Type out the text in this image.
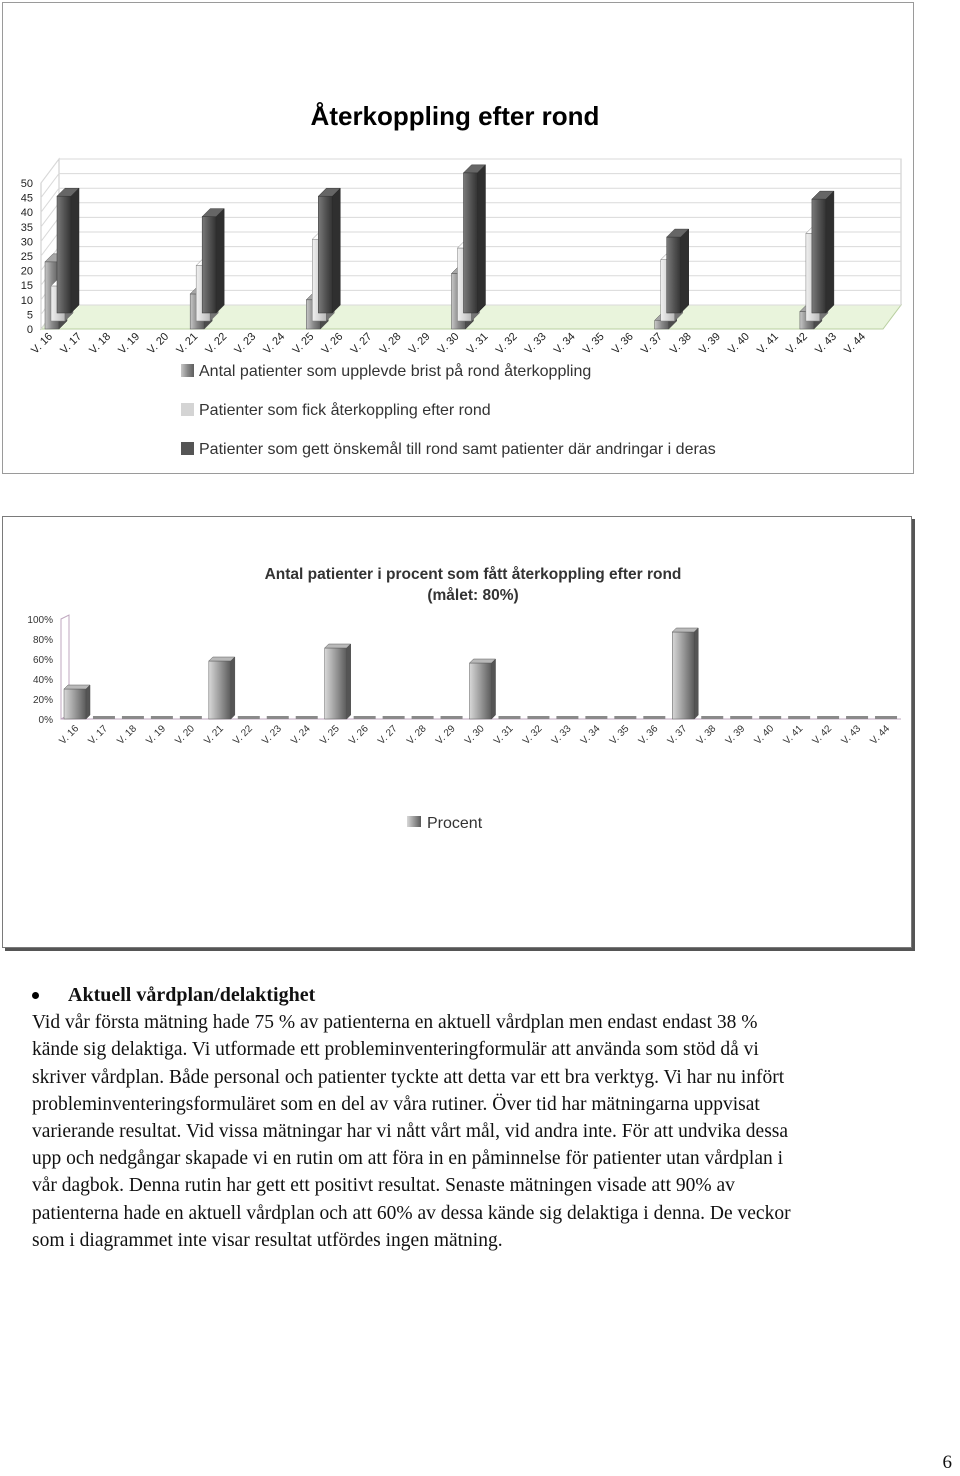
Återkoppling efter rond
0
5
10
15
20
25
30
35
40
45
50
V. 16 V. 17 V. 18 V. 19 V. 20 V. 21 V. 22 V. 23 V. 24 V. 25 V. 26 V. 27 V. 28 V. 29 V. 30 V. 31 V. 32 V. 33 V. 34 V. 35 V. 36 V. 37 V. 38 V. 39 V. 40 V. 41 V. 42 V. 43 V. 44
Antal patienter som upplevde brist på rond återkoppling
Patienter som fick återkoppling efter rond
Patienter som gett önskemål till rond samt patienter där andringar i deras
Antal patienter i procent som fått återkoppling efter rond (målet: 80%)
0%
20%
40%
60%
80%
100%
V. 16 V. 17 V. 18 V. 19 V. 20 V. 21 V. 22 V. 23 V. 24 V. 25 V. 26 V. 27 V. 28 V. 29 V. 30 V. 31 V. 32 V. 33 V. 34 V. 35 V. 36 V. 37 V. 38 V. 39 V. 40 V. 41 V. 42 V. 43 V. 44
Procent
Aktuell vårdplan/delaktighet
Vid vår första mätning hade 75 % av patienterna en aktuell vårdplan men endast endast 38 %
kände sig delaktiga. Vi utformade ett probleminventeringformulär att använda som stöd då vi
skriver vårdplan. Både personal och patienter tyckte att detta var ett bra verktyg. Vi har nu infört
probleminventeringsformuläret som en del av våra rutiner. Över tid har mätningarna uppvisat
varierande resultat. Vid vissa mätningar har vi nått vårt mål, vid andra inte. För att undvika dessa
upp och nedgångar skapade vi en rutin om att föra in en påminnelse för patienter utan vårdplan i
vår dagbok. Denna rutin har gett ett positivt resultat. Senaste mätningen visade att 90% av
patienterna hade en aktuell vårdplan och att 60% av dessa kände sig delaktiga i denna. De veckor
som i diagrammet inte visar resultat utfördes ingen mätning.
6
